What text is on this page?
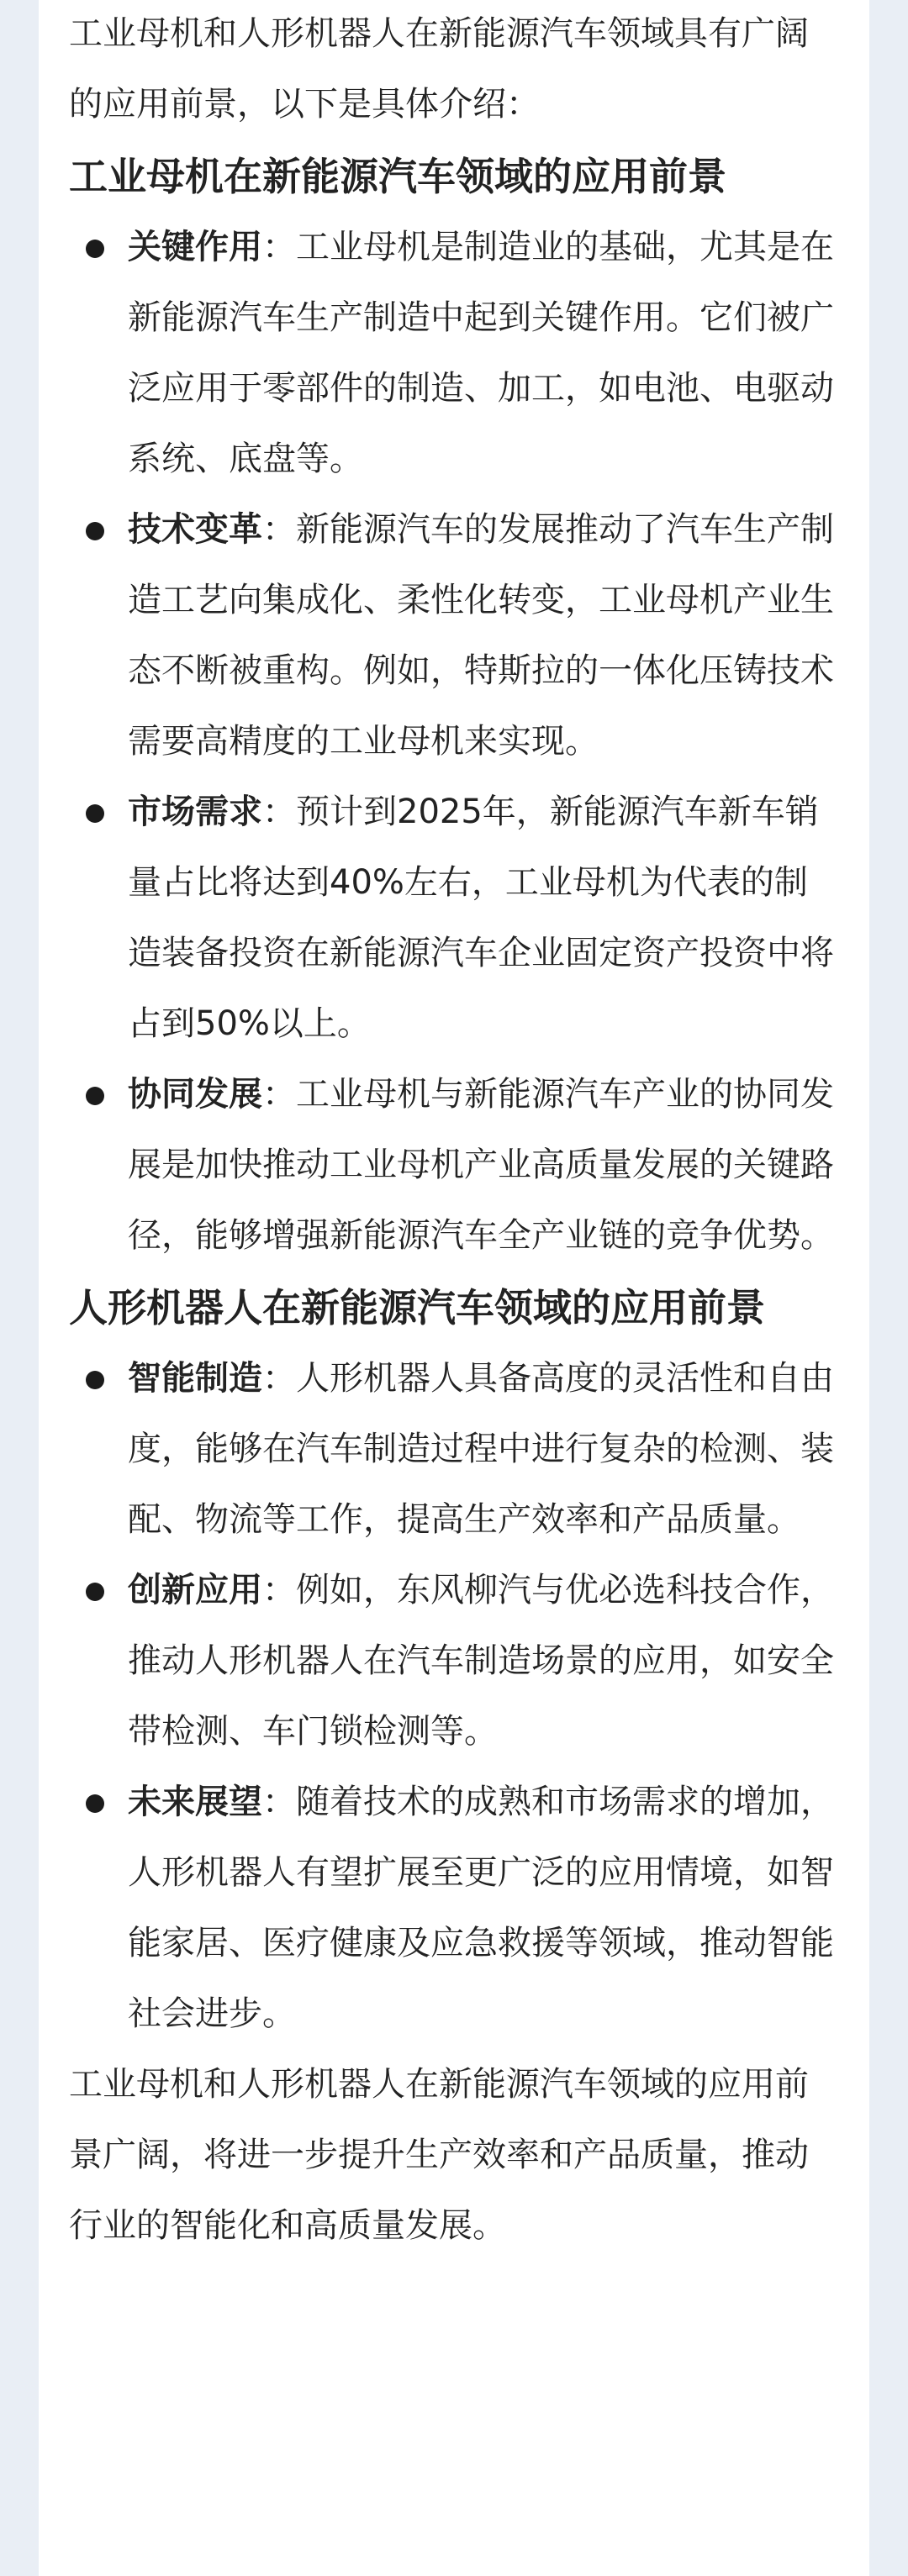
工业母机和人形机器人在新能源汽车领域具有广阔的应用前景，以下是具体介绍：

工业母机在新能源汽车领域的应用前景
关键作用：工业母机是制造业的基础，尤其是在新能源汽车生产制造中起到关键作用。它们被广泛应用于零部件的制造、加工，如电池、电驱动系统、底盘等。
技术变革：新能源汽车的发展推动了汽车生产制造工艺向集成化、柔性化转变，工业母机产业生态不断被重构。例如，特斯拉的一体化压铸技术需要高精度的工业母机来实现。
市场需求：预计到2025年，新能源汽车新车销量占比将达到40%左右，工业母机为代表的制造装备投资在新能源汽车企业固定资产投资中将占到50%以上。
协同发展：工业母机与新能源汽车产业的协同发展是加快推动工业母机产业高质量发展的关键路径，能够增强新能源汽车全产业链的竞争优势。
人形机器人在新能源汽车领域的应用前景
智能制造：人形机器人具备高度的灵活性和自由度，能够在汽车制造过程中进行复杂的检测、装配、物流等工作，提高生产效率和产品质量。
创新应用：例如，东风柳汽与优必选科技合作，推动人形机器人在汽车制造场景的应用，如安全带检测、车门锁检测等。
未来展望：随着技术的成熟和市场需求的增加，人形机器人有望扩展至更广泛的应用情境，如智能家居、医疗健康及应急救援等领域，推动智能社会进步。

工业母机和人形机器人在新能源汽车领域的应用前景广阔，将进一步提升生产效率和产品质量，推动行业的智能化和高质量发展。
